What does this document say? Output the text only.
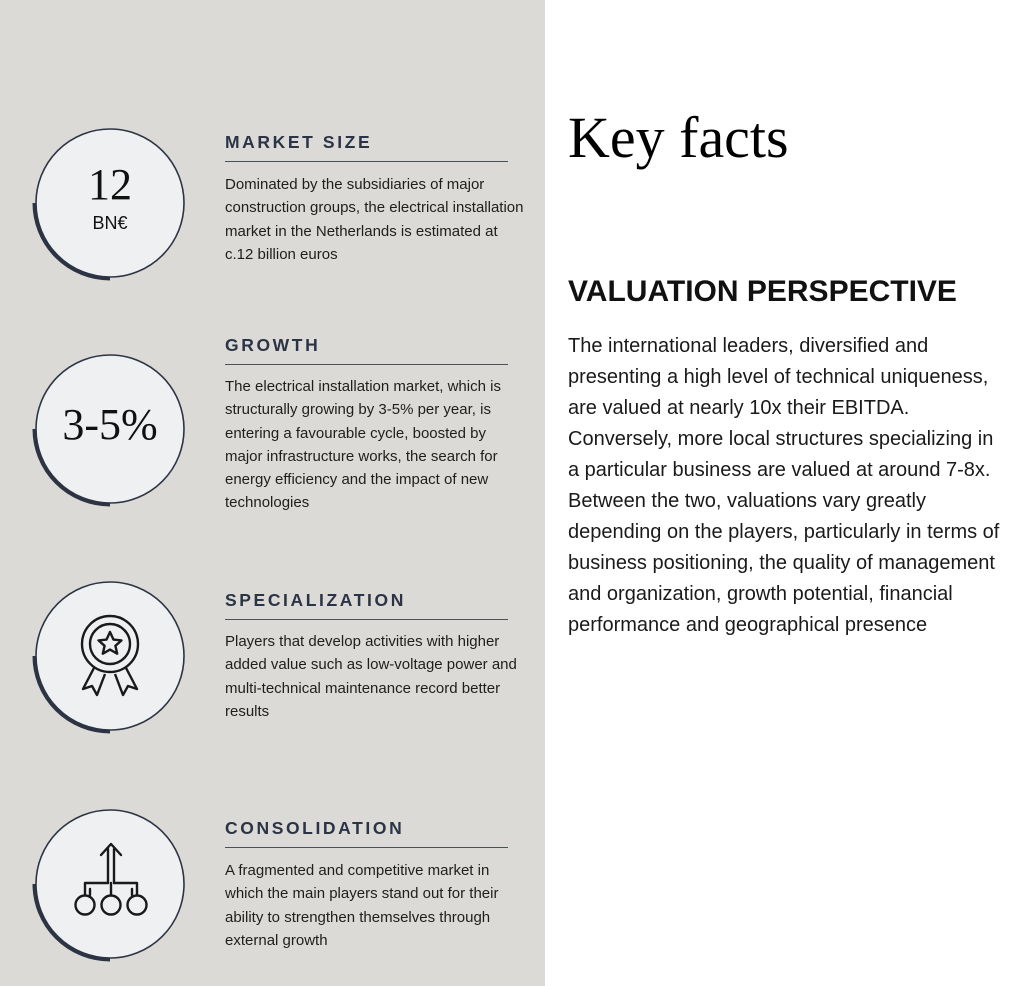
12
BN€
MARKET SIZE
Dominated by the subsidiaries of major construction groups, the electrical installation market in the Netherlands is estimated at c.12 billion euros
3-5%
GROWTH
The electrical installation market, which is structurally growing by 3-5% per year, is entering a favourable cycle, boosted by major infrastructure works, the search for energy efficiency and the impact of new technologies
SPECIALIZATION
Players that develop activities with higher added value such as low-voltage power and multi-technical maintenance record better results
CONSOLIDATION
A fragmented and competitive market in which the main players stand out for their ability to strengthen themselves through external growth
Key facts
VALUATION PERSPECTIVE
The international leaders, diversified and presenting a high level of technical uniqueness, are valued at nearly 10x their EBITDA. Conversely, more local structures specializing in a particular business are valued at around 7-8x. Between the two, valuations vary greatly depending on the players, particularly in terms of business positioning, the quality of management and organization, growth potential, financial performance and geographical presence
